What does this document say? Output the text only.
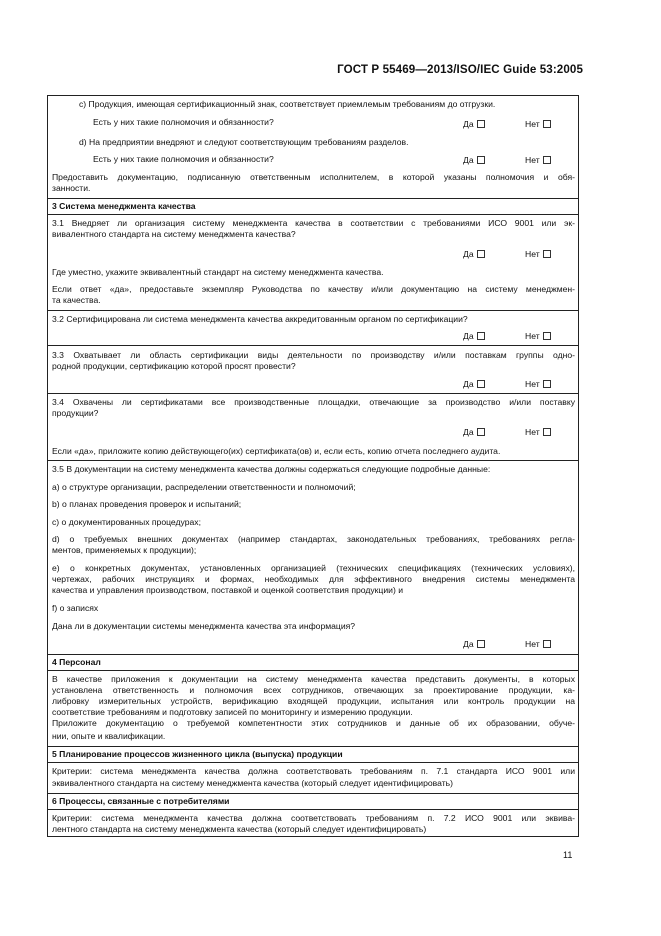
ГОСТ Р 55469—2013/ISO/IEC Guide 53:2005
c) Продукция, имеющая сертификационный знак, соответствует приемлемым требованиям до отгрузки.
Есть у них такие полномочия и обязанности?	Да	Нет
d) На предприятии внедряют и следуют соответствующим требованиям разделов.
Есть у них такие полномочия и обязанности?	Да	Нет
Предоставить документацию, подписанную ответственным исполнителем, в которой указаны полномочия и обя-
занности.
3 Система менеджмента качества
3.1 Внедряет ли организация систему менеджмента качества в соответствии с требованиями ИСО 9001 или эк-
вивалентного стандарта на систему менеджмента качества?
Да	Нет
Где уместно, укажите эквивалентный стандарт на систему менеджмента качества.
Если ответ «да», предоставьте экземпляр Руководства по качеству и/или документацию на систему менеджмен-
та качества.
3.2 Сертифицирована ли система менеджмента качества аккредитованным органом по сертификации?
Да	Нет
3.3 Охватывает ли область сертификации виды деятельности по производству и/или поставкам группы одно-
родной продукции, сертификацию которой просят провести?
Да	Нет
3.4 Охвачены ли сертификатами все производственные площадки, отвечающие за производство и/или поставку
продукции?
Да	Нет
Если «да», приложите копию действующего(их) сертификата(ов) и, если есть, копию отчета последнего аудита.
3.5 В документации на систему менеджмента качества должны содержаться следующие подробные данные:
a) о структуре организации, распределении ответственности и полномочий;
b) о планах проведения проверок и испытаний;
c) о документированных процедурах;
d) о требуемых внешних документах (например стандартах, законодательных требованиях, требованиях регла-
ментов, применяемых к продукции);
e) о конкретных документах, установленных организацией (технических спецификациях (технических условиях),
чертежах, рабочих инструкциях и формах, необходимых для эффективного внедрения системы менеджмента
качества и управления производством, поставкой и оценкой соответствия продукции) и
f) о записях
Дана ли в документации системы менеджмента качества эта информация?
Да	Нет
4 Персонал
В качестве приложения к документации на систему менеджмента качества представить документы, в которых
установлена ответственность и полномочия всех сотрудников, отвечающих за проектирование продукции, ка-
либровку измерительных устройств, верификацию входящей продукции, испытания или контроль продукции на
соответствие требованиям и подготовку записей по мониторингу и измерению продукции.
Приложите документацию о требуемой компетентности этих сотрудников и данные об их образовании, обуче-
нии, опыте и квалификации.
5 Планирование процессов жизненного цикла (выпуска) продукции
Критерии: система менеджмента качества должна соответствовать требованиям п. 7.1 стандарта ИСО 9001 или
эквивалентного стандарта на систему менеджмента качества (который следует идентифицировать)
6 Процессы, связанные с потребителями
Критерии: система менеджмента качества должна соответствовать требованиям п. 7.2 ИСО 9001 или эквива-
лентного стандарта на систему менеджмента качества (который следует идентифицировать)
11
